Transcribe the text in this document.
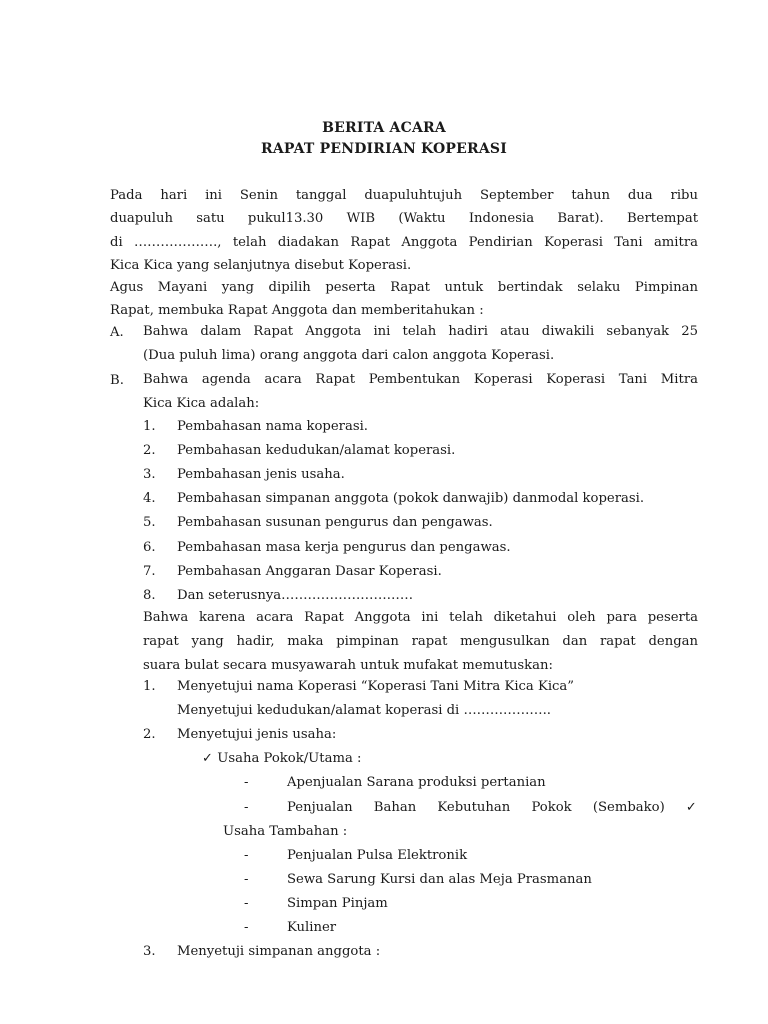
BERITA ACARA
RAPAT PENDIRIAN KOPERASI
Pada hari ini Senin tanggal duapuluhtujuh September tahun dua ribu
duapuluh satu pukul13.30 WIB (Waktu Indonesia Barat). Bertempat
di ………………., telah diadakan Rapat Anggota Pendirian Koperasi Tani amitra
Kica Kica yang selanjutnya disebut Koperasi.
Agus Mayani yang dipilih peserta Rapat untuk bertindak selaku Pimpinan
Rapat, membuka Rapat Anggota dan memberitahukan :
A. Bahwa dalam Rapat Anggota ini telah hadiri atau diwakili sebanyak 25
(Dua puluh lima) orang anggota dari calon anggota Koperasi.
B. Bahwa agenda acara Rapat Pembentukan Koperasi Koperasi Tani Mitra
Kica Kica adalah:
1. Pembahasan nama koperasi.
2. Pembahasan kedudukan/alamat koperasi.
3. Pembahasan jenis usaha.
4. Pembahasan simpanan anggota (pokok danwajib) danmodal koperasi.
5. Pembahasan susunan pengurus dan pengawas.
6. Pembahasan masa kerja pengurus dan pengawas.
7. Pembahasan Anggaran Dasar Koperasi.
8. Dan seterusnya…………………………
Bahwa karena acara Rapat Anggota ini telah diketahui oleh para peserta
rapat yang hadir, maka pimpinan rapat mengusulkan dan rapat dengan
suara bulat secara musyawarah untuk mufakat memutuskan:
1. Menyetujui nama Koperasi “Koperasi Tani Mitra Kica Kica”
Menyetujui kedudukan/alamat koperasi di ………………..
2. Menyetujui jenis usaha:
✓ Usaha Pokok/Utama :
-	Apenjualan Sarana produksi pertanian
-	Penjualan Bahan Kebutuhan Pokok (Sembako) ✓
Usaha Tambahan :
-	Penjualan Pulsa Elektronik
-	Sewa Sarung Kursi dan alas Meja Prasmanan
-	Simpan Pinjam
-	Kuliner
3. Menyetuji simpanan anggota :
